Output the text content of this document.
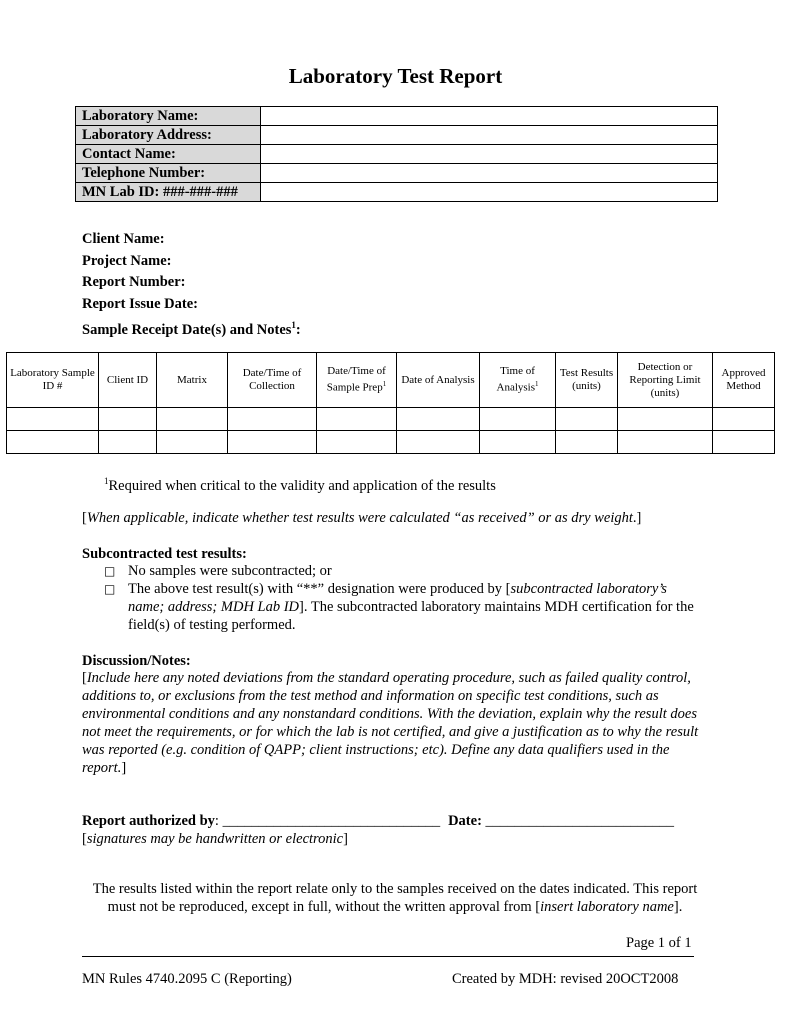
Laboratory Test Report
Laboratory Name:	
Laboratory Address:	
Contact Name:	
Telephone Number:	
MN Lab ID: ###-###-###	
Client Name:
Project Name:
Report Number:
Report Issue Date:
Sample Receipt Date(s) and Notes$^1$:
Laboratory Sample ID #	Client ID	Matrix	Date/Time of Collection	Date/Time of Sample Prep$^1$	Date of Analysis	Time of Analysis$^1$	Test Results (units)	Detection or Reporting Limit (units)	Approved Method

$^1$Required when critical to the validity and application of the results
[When applicable, indicate whether test results were calculated “as received” or as dry weight.]
Subcontracted test results:
□ No samples were subcontracted; or
□ The above test result(s) with “**” designation were produced by [subcontracted laboratory’s name; address; MDH Lab ID]. The subcontracted laboratory maintains MDH certification for the field(s) of testing performed.
Discussion/Notes:
[Include here any noted deviations from the standard operating procedure, such as failed quality control, additions to, or exclusions from the test method and information on specific test conditions, such as environmental conditions and any nonstandard conditions. With the deviation, explain why the result does not meet the requirements, or for which the lab is not certified, and give a justification as to why the result was reported (e.g. condition of QAPP; client instructions; etc). Define any data qualifiers used in the report.]
Report authorized by: ______________________________ Date: __________________________
[signatures may be handwritten or electronic]
The results listed within the report relate only to the samples received on the dates indicated. This report must not be reproduced, except in full, without the written approval from [insert laboratory name].
Page 1 of 1
MN Rules 4740.2095 C (Reporting)	Created by MDH: revised 20OCT2008
